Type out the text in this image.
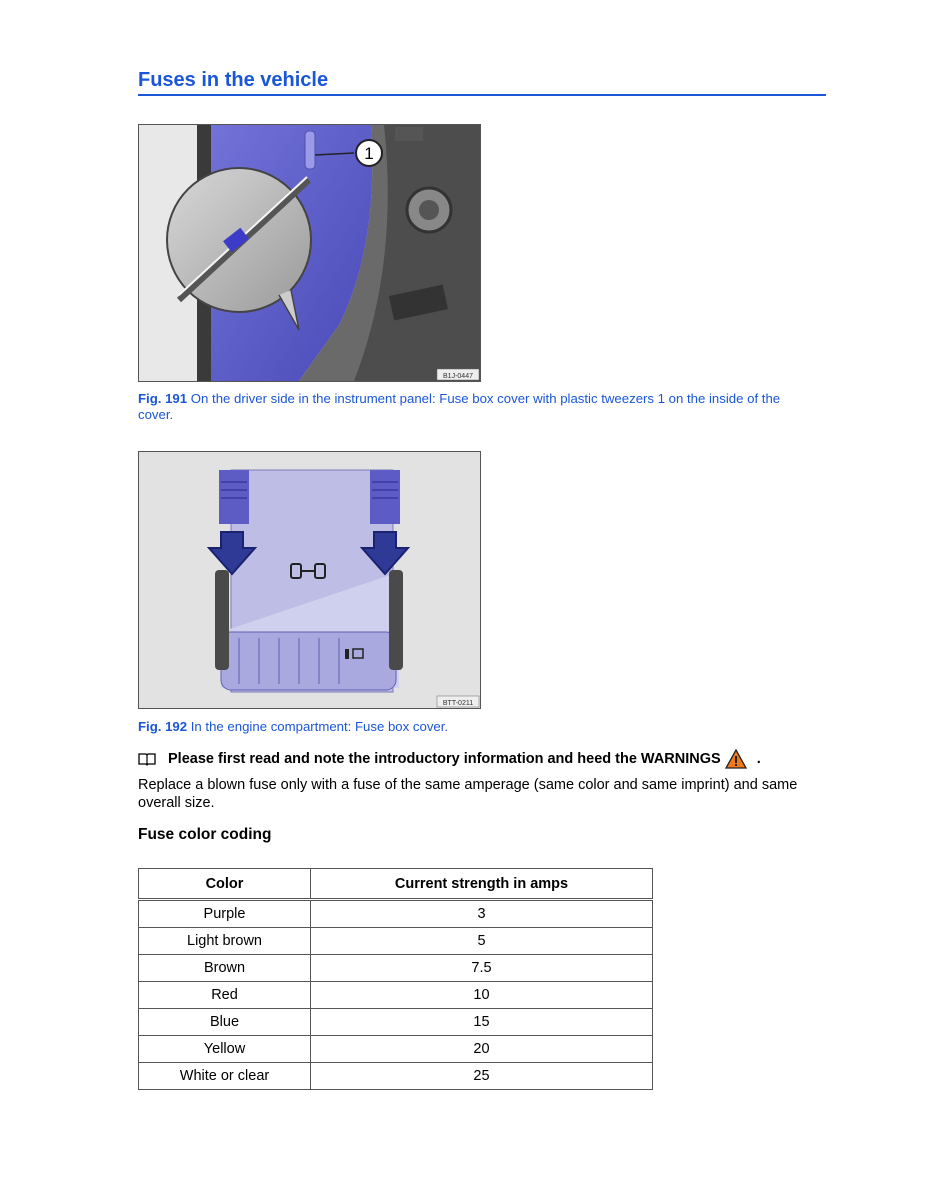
Fuses in the vehicle
1
B1J-0447
Fig. 191 On the driver side in the instrument panel: Fuse box cover with plastic tweezers 1 on the inside of the cover.
BTT-0211
Fig. 192 In the engine compartment: Fuse box cover.
Please first read and note the introductory information and heed the WARNINGS .
Replace a blown fuse only with a fuse of the same amperage (same color and same imprint) and same overall size.
Fuse color coding
Color	Current strength in amps
Purple	3
Light brown	5
Brown	7.5
Red	10
Blue	15
Yellow	20
White or clear	25
